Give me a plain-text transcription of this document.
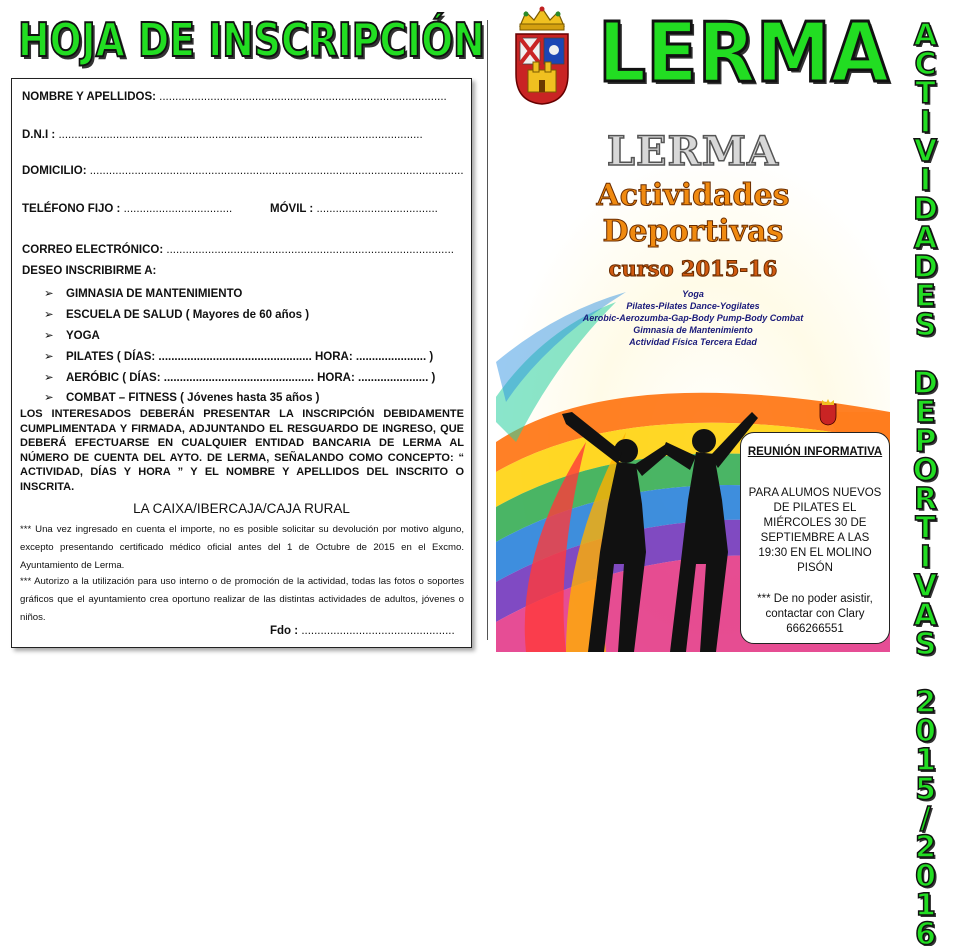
HOJA DE INSCRIPCIÓN
NOMBRE Y APELLIDOS: ..........................................................................................
D.N.I : ..................................................................................................................
DOMICILIO: .....................................................................................................................
TELÉFONO FIJO : ..................................	MÓVIL : ......................................
CORREO ELECTRÓNICO: ..........................................................................................
DESEO INSCRIBIRME A:
➢ GIMNASIA DE MANTENIMIENTO
➢ ESCUELA DE SALUD ( Mayores de 60 años )
➢ YOGA
➢ PILATES ( DÍAS: ................................................ HORA: ...................... )
➢ AERÓBIC ( DÍAS: ............................................... HORA: ...................... )
➢ COMBAT – FITNESS ( Jóvenes hasta 35 años )
LOS INTERESADOS DEBERÁN PRESENTAR LA INSCRIPCIÓN DEBIDAMENTE CUMPLIMENTADA Y FIRMADA, ADJUNTANDO EL RESGUARDO DE INGRESO, QUE DEBERÁ EFECTUARSE EN CUALQUIER ENTIDAD BANCARIA DE LERMA AL NÚMERO DE CUENTA DEL AYTO. DE LERMA, SEÑALANDO COMO CONCEPTO: “ ACTIVIDAD, DÍAS Y HORA ” Y EL NOMBRE Y APELLIDOS DEL INSCRITO O INSCRITA.
LA CAIXA/IBERCAJA/CAJA RURAL
*** Una vez ingresado en cuenta el importe, no es posible solicitar su devolución por motivo alguno, excepto presentando certificado médico oficial antes del 1 de Octubre de 2015 en el Excmo. Ayuntamiento de Lerma.
*** Autorizo a la utilización para uso interno o de promoción de la actividad, todas las fotos o soportes gráficos que el ayuntamiento crea oportuno realizar de las distintas actividades de adultos, jóvenes o niños.
Fdo : ................................................
LERMA ACTIVIDADES DEPORTIVAS 2015/2016
LERMA
Actividades
Deportivas
curso 2015-16
Yoga
Pilates-Pilates Dance-Yogilates
Aerobic-Aerozumba-Gap-Body Pump-Body Combat
Gimnasia de Mantenimiento
Actividad Física Tercera Edad
REUNIÓN INFORMATIVA
PARA ALUMOS NUEVOS DE PILATES EL MIÉRCOLES 30 DE SEPTIEMBRE A LAS 19:30 EN EL MOLINO PISÓN
*** De no poder asistir, contactar con Clary 666266551
